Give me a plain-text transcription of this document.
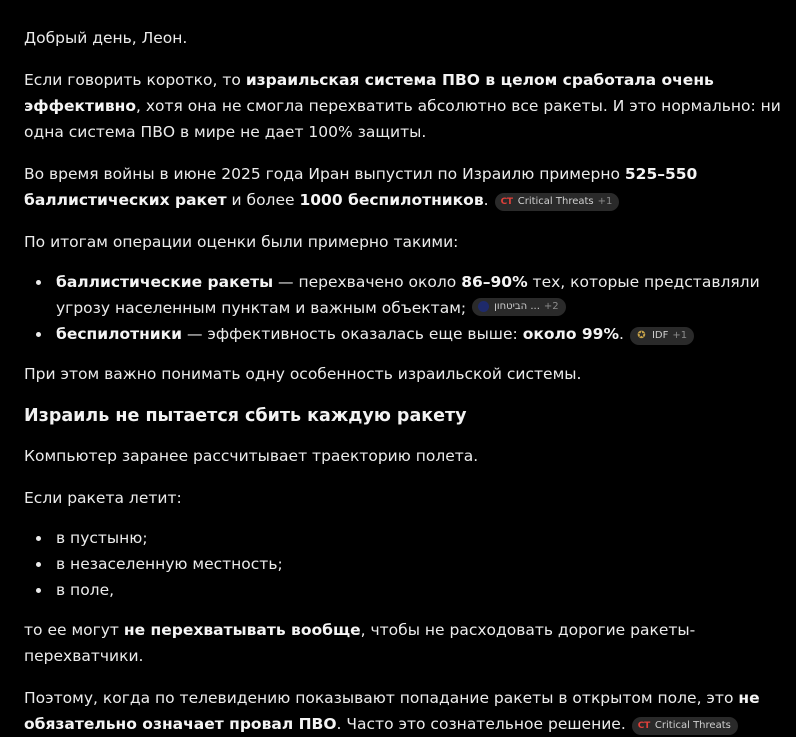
Добрый день, Леон.

Если говорить коротко, то израильская система ПВО в целом сработала очень эффективно, хотя она не смогла перехватить абсолютно все ракеты. И это нормально: ни одна система ПВО в мире не дает 100% защиты.

Во время войны в июне 2025 года Иран выпустил по Израилю примерно 525–550 баллистических ракет и более 1000 беспилотников. CT Critical Threats +1

По итогам операции оценки были примерно такими:

баллистические ракеты — перехвачено около 86–90% тех, которые представляли угрозу населенным пунктам и важным объектам;	הביטחון ... +2
беспилотники — эффективность оказалась еще выше: около 99%. ✪ IDF +1

При этом важно понимать одну особенность израильской системы.

Израиль не пытается сбить каждую ракету

Компьютер заранее рассчитывает траекторию полета.

Если ракета летит:

в пустыню;
в незаселенную местность;
в поле,

то ее могут не перехватывать вообще, чтобы не расходовать дорогие ракеты-перехватчики.

Поэтому, когда по телевидению показывают попадание ракеты в открытом поле, это не обязательно означает провал ПВО. Часто это сознательное решение. CT Critical Threats
